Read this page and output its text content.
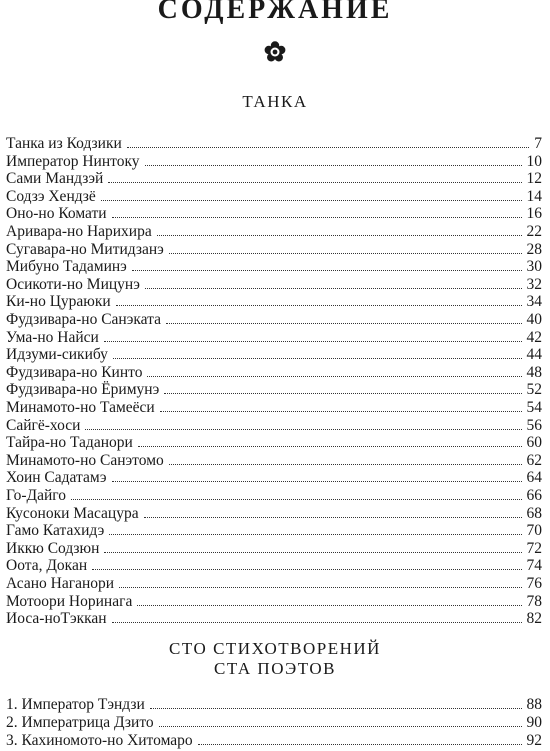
СОДЕРЖАНИЕ
ТАНКА
Танка из Кодзики	7
Император Нинтоку	10
Сами Мандзэй	12
Содзэ Хендзё	14
Оно-но Комати	16
Аривара-но Нарихира	22
Сугавара-но Митидзанэ	28
Мибуно Тадаминэ	30
Осикоти-но Мицунэ	32
Ки-но Цураюки	34
Фудзивара-но Санэката	40
Ума-но Найси	42
Идзуми-сикибу	44
Фудзивара-но Кинто	48
Фудзивара-но Ёримунэ	52
Минамото-но Тамеёси	54
Сайгё-хоси	56
Тайра-но Таданори	60
Минамото-но Санэтомо	62
Хоин Садатамэ	64
Го-Дайго	66
Кусоноки Масацура	68
Гамо Катахидэ	70
Иккю Содзюн	72
Оота, Докан	74
Асано Наганори	76
Мотоори Норинага	78
Иоса-ноТэккан	82
СТО СТИХОТВОРЕНИЙ
СТА ПОЭТОВ
1. Император Тэндзи	88
2. Императрица Дзито	90
3. Кахиномото-но Хитомаро	92
